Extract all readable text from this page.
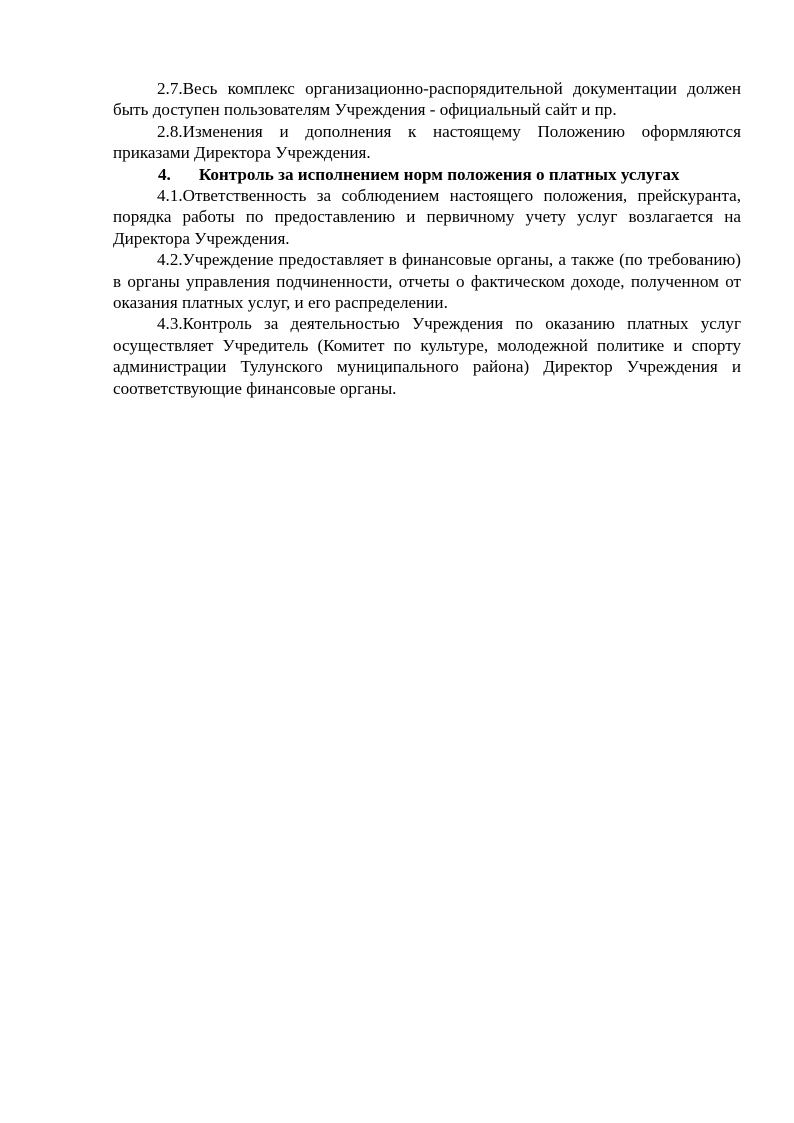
2.7.Весь комплекс организационно-распорядительной документации должен быть доступен пользователям Учреждения - официальный сайт и пр.

2.8.Изменения и дополнения к настоящему Положению оформляются приказами Директора Учреждения.

4. Контроль за исполнением норм положения о платных услугах

4.1.Ответственность за соблюдением настоящего положения, прейскуранта, порядка работы по предоставлению и первичному учету услуг возлагается на Директора Учреждения.

4.2.Учреждение предоставляет в финансовые органы, а также (по требованию) в органы управления подчиненности, отчеты о фактическом доходе, полученном от оказания платных услуг, и его распределении.

4.3.Контроль за деятельностью Учреждения по оказанию платных услуг осуществляет Учредитель (Комитет по культуре, молодежной политике и спорту администрации Тулунского муниципального района) Директор Учреждения и соответствующие финансовые органы.
